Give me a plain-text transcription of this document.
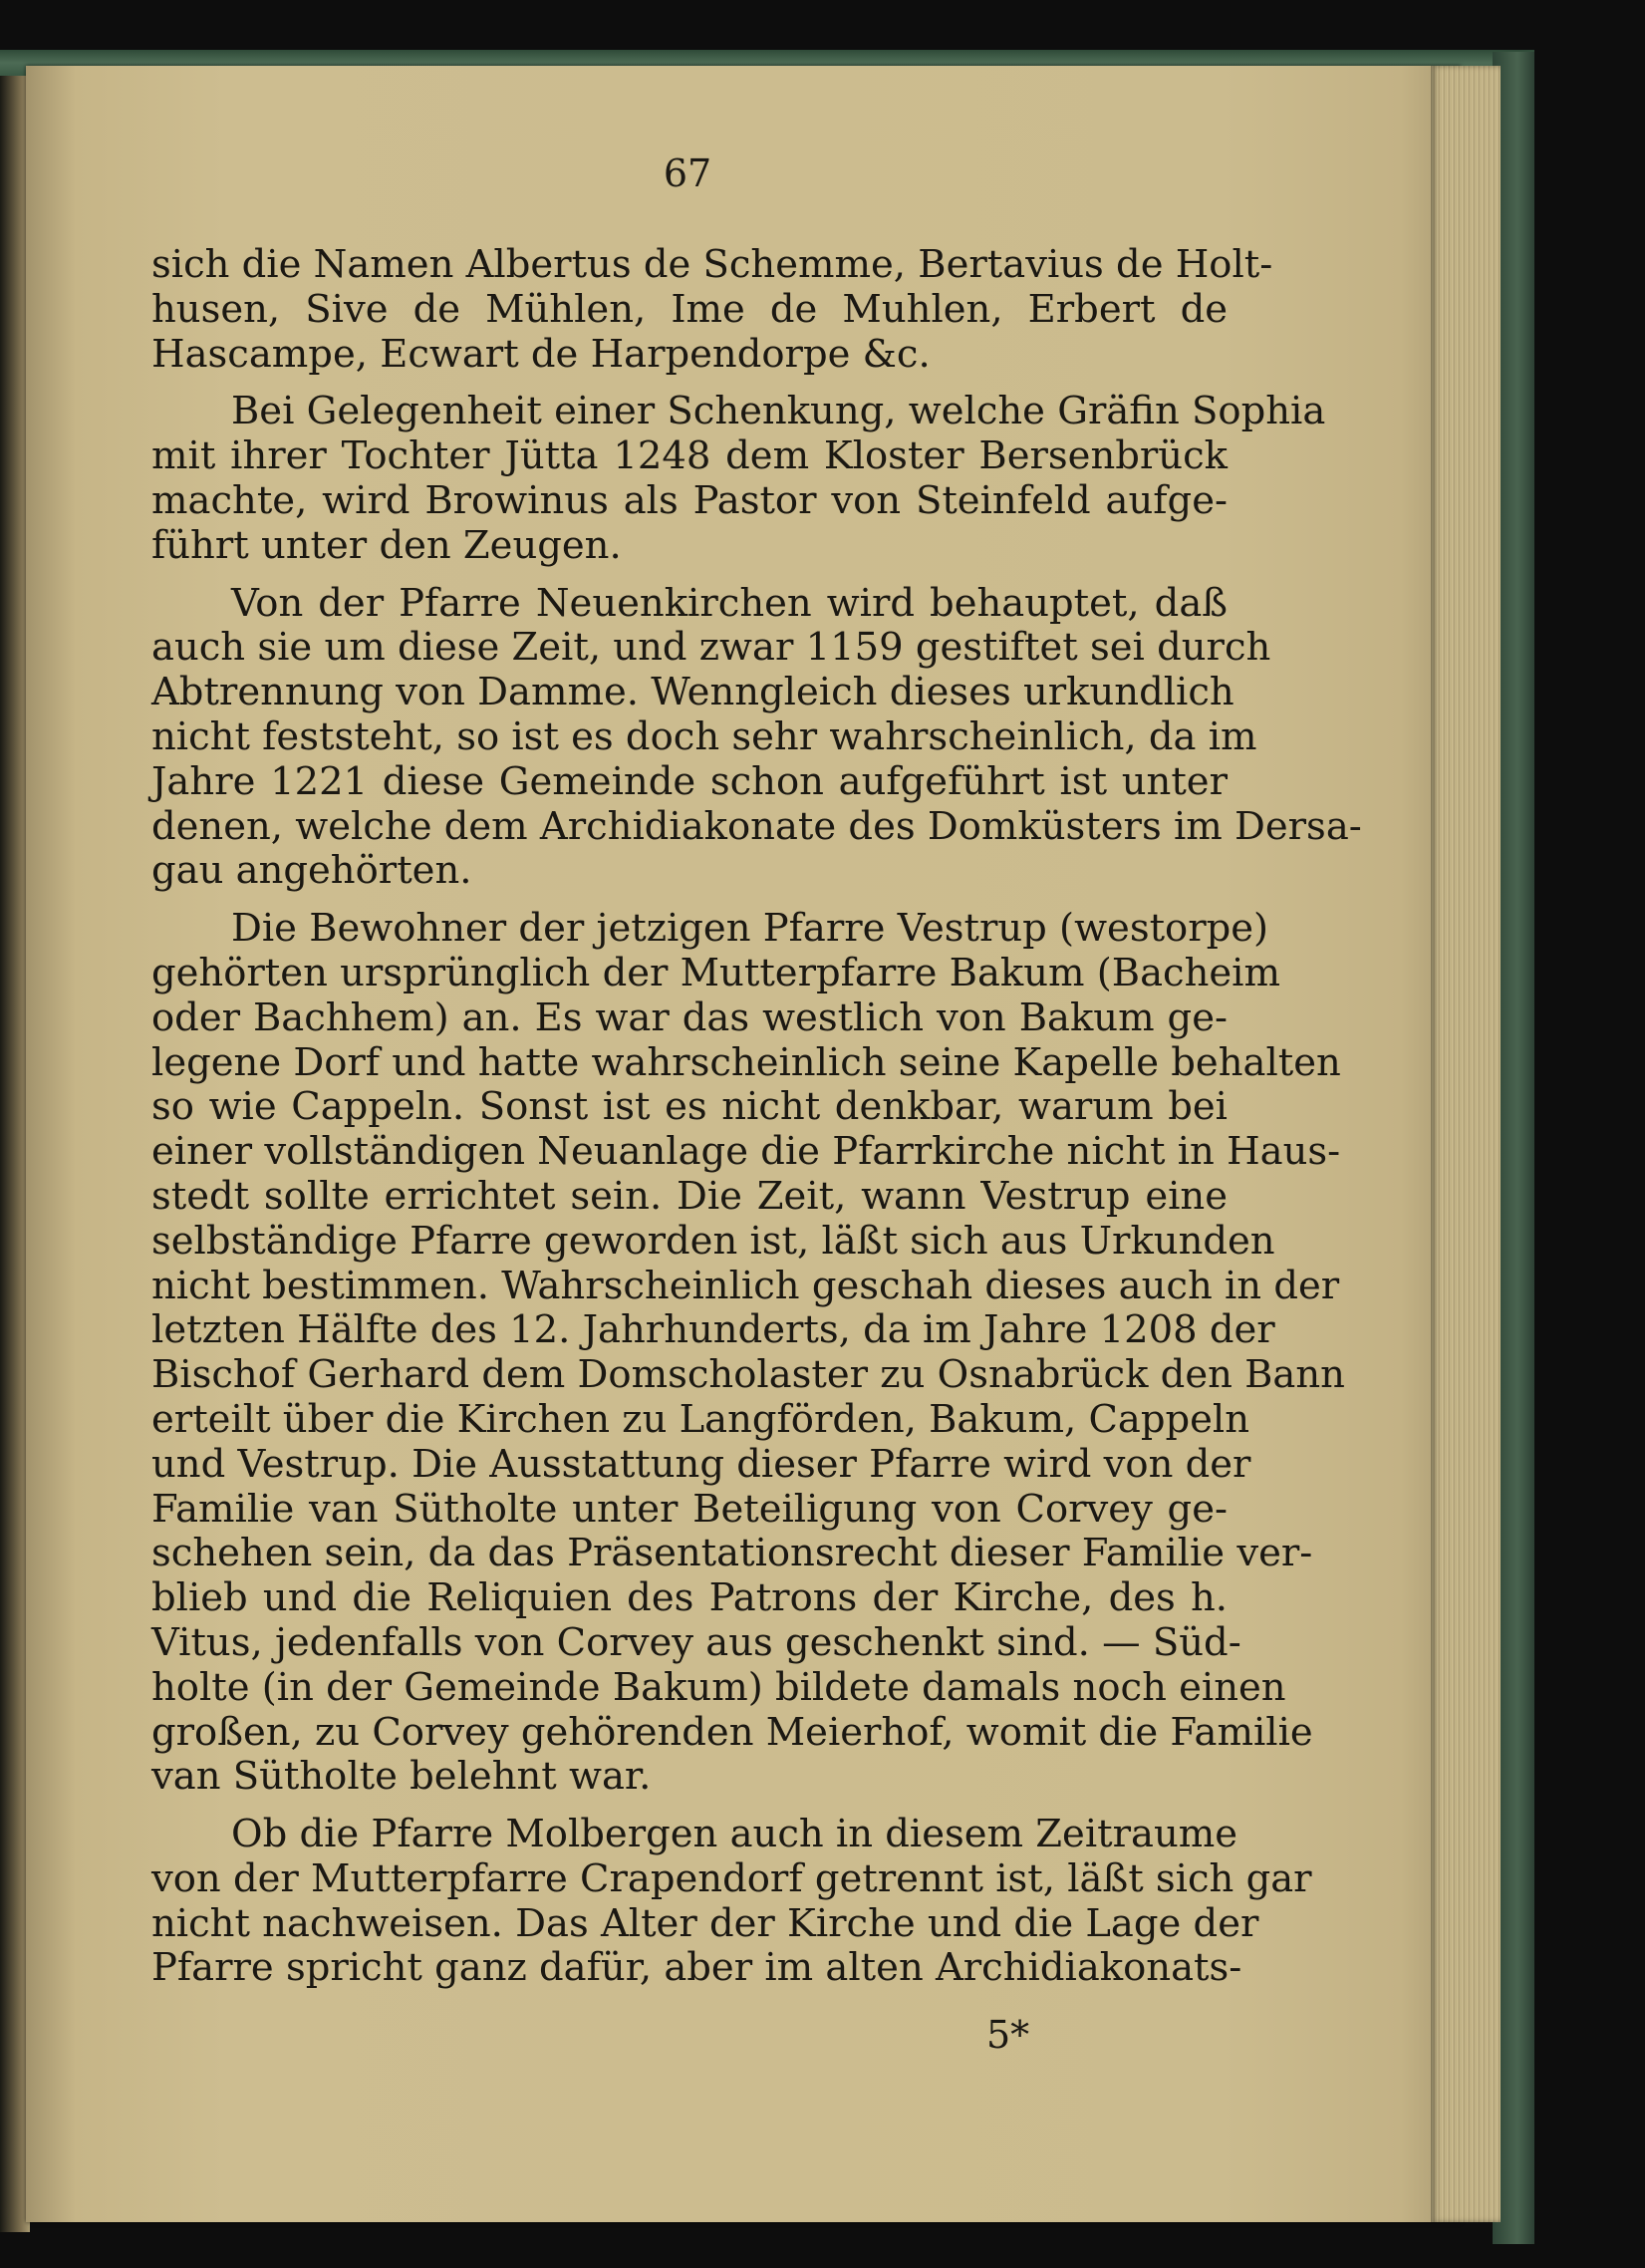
67
sich die Namen Albertus de Schemme, Bertavius de Holt-
husen, Sive de Mühlen, Ime de Muhlen, Erbert de
Hascampe, Ecwart de Harpendorpe &c.
Bei Gelegenheit einer Schenkung, welche Gräfin Sophia
mit ihrer Tochter Jütta 1248 dem Kloster Bersenbrück
machte, wird Browinus als Pastor von Steinfeld aufge-
führt unter den Zeugen.
Von der Pfarre Neuenkirchen wird behauptet, daß
auch sie um diese Zeit, und zwar 1159 gestiftet sei durch
Abtrennung von Damme. Wenngleich dieses urkundlich
nicht feststeht, so ist es doch sehr wahrscheinlich, da im
Jahre 1221 diese Gemeinde schon aufgeführt ist unter
denen, welche dem Archidiakonate des Domküsters im Dersa-
gau angehörten.
Die Bewohner der jetzigen Pfarre Vestrup (westorpe)
gehörten ursprünglich der Mutterpfarre Bakum (Bacheim
oder Bachhem) an. Es war das westlich von Bakum ge-
legene Dorf und hatte wahrscheinlich seine Kapelle behalten
so wie Cappeln. Sonst ist es nicht denkbar, warum bei
einer vollständigen Neuanlage die Pfarrkirche nicht in Haus-
stedt sollte errichtet sein. Die Zeit, wann Vestrup eine
selbständige Pfarre geworden ist, läßt sich aus Urkunden
nicht bestimmen. Wahrscheinlich geschah dieses auch in der
letzten Hälfte des 12. Jahrhunderts, da im Jahre 1208 der
Bischof Gerhard dem Domscholaster zu Osnabrück den Bann
erteilt über die Kirchen zu Langförden, Bakum, Cappeln
und Vestrup. Die Ausstattung dieser Pfarre wird von der
Familie van Sütholte unter Beteiligung von Corvey ge-
schehen sein, da das Präsentationsrecht dieser Familie ver-
blieb und die Reliquien des Patrons der Kirche, des h.
Vitus, jedenfalls von Corvey aus geschenkt sind. — Süd-
holte (in der Gemeinde Bakum) bildete damals noch einen
großen, zu Corvey gehörenden Meierhof, womit die Familie
van Sütholte belehnt war.
Ob die Pfarre Molbergen auch in diesem Zeitraume
von der Mutterpfarre Crapendorf getrennt ist, läßt sich gar
nicht nachweisen. Das Alter der Kirche und die Lage der
Pfarre spricht ganz dafür, aber im alten Archidiakonats-
5*
